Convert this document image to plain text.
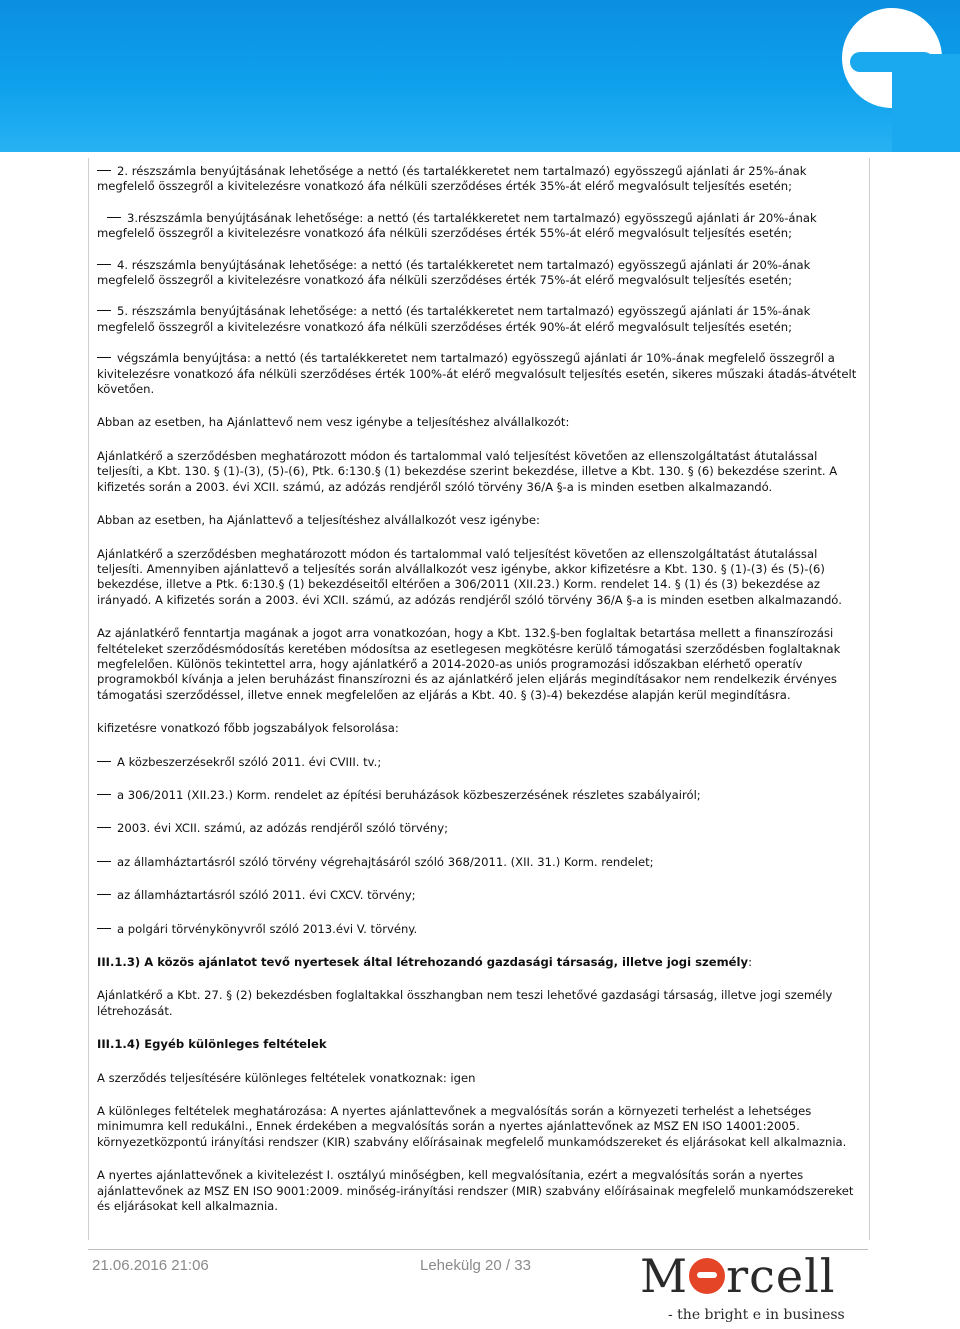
2. részszámla benyújtásának lehetősége a nettó (és tartalékkeretet nem tartalmazó) egyösszegű ajánlati ár 25%-ának megfelelő összegről a kivitelezésre vonatkozó áfa nélküli szerződéses érték 35%-át elérő megvalósult teljesítés esetén;

3.részszámla benyújtásának lehetősége: a nettó (és tartalékkeretet nem tartalmazó) egyösszegű ajánlati ár 20%-ának megfelelő összegről a kivitelezésre vonatkozó áfa nélküli szerződéses érték 55%-át elérő megvalósult teljesítés esetén;

4. részszámla benyújtásának lehetősége: a nettó (és tartalékkeretet nem tartalmazó) egyösszegű ajánlati ár 20%-ának megfelelő összegről a kivitelezésre vonatkozó áfa nélküli szerződéses érték 75%-át elérő megvalósult teljesítés esetén;

5. részszámla benyújtásának lehetősége: a nettó (és tartalékkeretet nem tartalmazó) egyösszegű ajánlati ár 15%-ának megfelelő összegről a kivitelezésre vonatkozó áfa nélküli szerződéses érték 90%-át elérő megvalósult teljesítés esetén;

végszámla benyújtása: a nettó (és tartalékkeretet nem tartalmazó) egyösszegű ajánlati ár 10%-ának megfelelő összegről a kivitelezésre vonatkozó áfa nélküli szerződéses érték 100%-át elérő megvalósult teljesítés esetén, sikeres műszaki átadás-átvételt követően.

Abban az esetben, ha Ajánlattevő nem vesz igénybe a teljesítéshez alvállalkozót:

Ajánlatkérő a szerződésben meghatározott módon és tartalommal való teljesítést követően az ellenszolgáltatást átutalással teljesíti, a Kbt. 130. § (1)-(3), (5)-(6), Ptk. 6:130.§ (1) bekezdése szerint bekezdése, illetve a Kbt. 130. § (6) bekezdése szerint. A kifizetés során a 2003. évi XCII. számú, az adózás rendjéről szóló törvény 36/A §-a is minden esetben alkalmazandó.

Abban az esetben, ha Ajánlattevő a teljesítéshez alvállalkozót vesz igénybe:

Ajánlatkérő a szerződésben meghatározott módon és tartalommal való teljesítést követően az ellenszolgáltatást átutalással teljesíti. Amennyiben ajánlattevő a teljesítés során alvállalkozót vesz igénybe, akkor kifizetésre a Kbt. 130. § (1)-(3) és (5)-(6) bekezdése, illetve a Ptk. 6:130.§ (1) bekezdéseitől eltérően a 306/2011 (XII.23.) Korm. rendelet 14. § (1) és (3) bekezdése az irányadó. A kifizetés során a 2003. évi XCII. számú, az adózás rendjéről szóló törvény 36/A §-a is minden esetben alkalmazandó.

Az ajánlatkérő fenntartja magának a jogot arra vonatkozóan, hogy a Kbt. 132.§-ben foglaltak betartása mellett a finanszírozási feltételeket szerződésmódosítás keretében módosítsa az esetlegesen megkötésre kerülő támogatási szerződésben foglaltaknak megfelelően. Különös tekintettel arra, hogy ajánlatkérő a 2014-2020-as uniós programozási időszakban elérhető operatív programokból kívánja a jelen beruházást finanszírozni és az ajánlatkérő jelen eljárás megindításakor nem rendelkezik érvényes támogatási szerződéssel, illetve ennek megfelelően az eljárás a Kbt. 40. § (3)-4) bekezdése alapján kerül megindításra.

kifizetésre vonatkozó főbb jogszabályok felsorolása:

A közbeszerzésekről szóló 2011. évi CVIII. tv.;

a 306/2011 (XII.23.) Korm. rendelet az építési beruházások közbeszerzésének részletes szabályairól;

2003. évi XCII. számú, az adózás rendjéről szóló törvény;

az államháztartásról szóló törvény végrehajtásáról szóló 368/2011. (XII. 31.) Korm. rendelet;

az államháztartásról szóló 2011. évi CXCV. törvény;

a polgári törvénykönyvről szóló 2013.évi V. törvény.

III.1.3) A közös ajánlatot tevő nyertesek által létrehozandó gazdasági társaság, illetve jogi személy:

Ajánlatkérő a Kbt. 27. § (2) bekezdésben foglaltakkal összhangban nem teszi lehetővé gazdasági társaság, illetve jogi személy létrehozását.

III.1.4) Egyéb különleges feltételek

A szerződés teljesítésére különleges feltételek vonatkoznak: igen

A különleges feltételek meghatározása: A nyertes ajánlattevőnek a megvalósítás során a környezeti terhelést a lehetséges minimumra kell redukálni., Ennek érdekében a megvalósítás során a nyertes ajánlattevőnek az MSZ EN ISO 14001:2005. környezetközpontú irányítási rendszer (KIR) szabvány előírásainak megfelelő munkamódszereket és eljárásokat kell alkalmaznia.

A nyertes ajánlattevőnek a kivitelezést I. osztályú minőségben, kell megvalósítania, ezért a megvalósítás során a nyertes ajánlattevőnek az MSZ EN ISO 9001:2009. minőség-irányítási rendszer (MIR) szabvány előírásainak megfelelő munkamódszereket és eljárásokat kell alkalmaznia.

21.06.2016 21:06	Lehekülg 20 / 33 M rcell
- the bright e in business
